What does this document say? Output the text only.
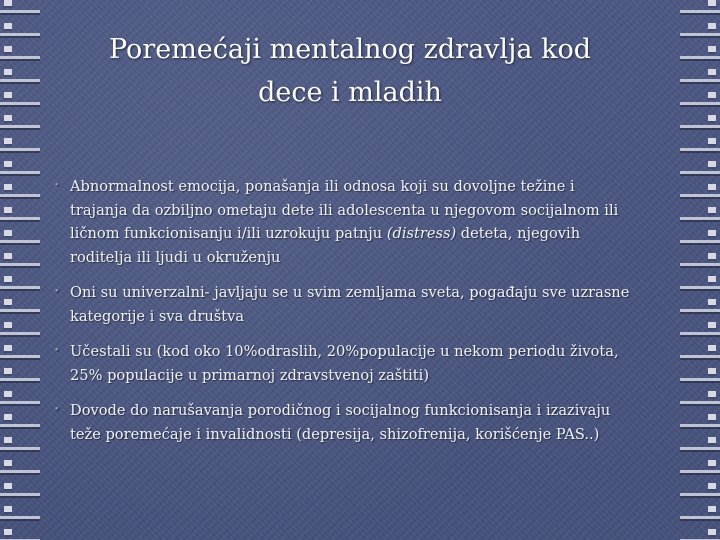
Poremećaji mentalnog zdravlja kod
dece i mladih
• Abnormalnost emocija, ponašanja ili odnosa koji su dovoljne težine i trajanja da ozbiljno ometaju dete ili adolescenta u njegovom socijalnom ili ličnom funkcionisanju i/ili uzrokuju patnju (distress) deteta, njegovih roditelja ili ljudi u okruženju
• Oni su univerzalni- javljaju se u svim zemljama sveta, pogađaju sve uzrasne kategorije i sva društva
• Učestali su (kod oko 10%odraslih, 20%populacije u nekom periodu života, 25% populacije u primarnoj zdravstvenoj zaštiti)
• Dovode do narušavanja porodičnog i socijalnog funkcionisanja i izazivaju teže poremećaje i invalidnosti (depresija, shizofrenija, korišćenje PAS..)
